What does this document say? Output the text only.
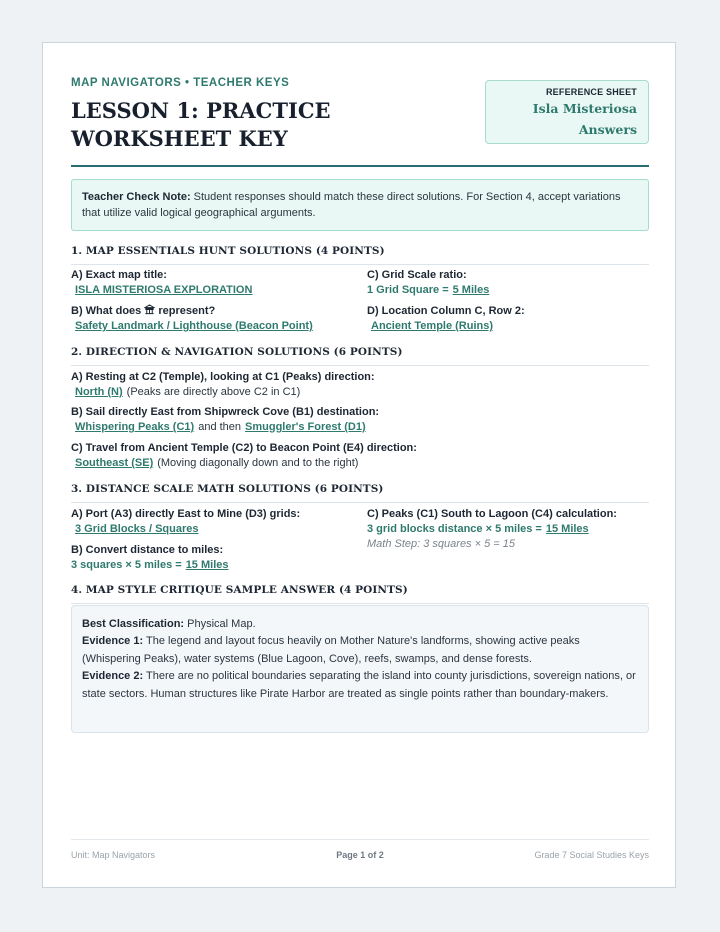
MAP NAVIGATORS • TEACHER KEYS
LESSON 1: PRACTICE WORKSHEET KEY
REFERENCE SHEET
Isla Misteriosa
Answers
Teacher Check Note: Student responses should match these direct solutions. For Section 4, accept variations that utilize valid logical geographical arguments.
1. MAP ESSENTIALS HUNT SOLUTIONS (4 POINTS)
A) Exact map title:
ISLA MISTERIOSA EXPLORATION
B) What does  represent?
Safety Landmark / Lighthouse (Beacon Point)
C) Grid Scale ratio:
1 Grid Square = 5 Miles
D) Location Column C, Row 2:
Ancient Temple (Ruins)
2. DIRECTION & NAVIGATION SOLUTIONS (6 POINTS)
A) Resting at C2 (Temple), looking at C1 (Peaks) direction:
North (N) (Peaks are directly above C2 in C1)
B) Sail directly East from Shipwreck Cove (B1) destination:
Whispering Peaks (C1) and then Smuggler's Forest (D1)
C) Travel from Ancient Temple (C2) to Beacon Point (E4) direction:
Southeast (SE) (Moving diagonally down and to the right)
3. DISTANCE SCALE MATH SOLUTIONS (6 POINTS)
A) Port (A3) directly East to Mine (D3) grids:
3 Grid Blocks / Squares
B) Convert distance to miles:
3 squares × 5 miles = 15 Miles
C) Peaks (C1) South to Lagoon (C4) calculation:
3 grid blocks distance × 5 miles = 15 Miles
Math Step: 3 squares × 5 = 15
4. MAP STYLE CRITIQUE SAMPLE ANSWER (4 POINTS)
Best Classification: Physical Map.
Evidence 1: The legend and layout focus heavily on Mother Nature's landforms, showing active peaks (Whispering Peaks), water systems (Blue Lagoon, Cove), reefs, swamps, and dense forests.
Evidence 2: There are no political boundaries separating the island into county jurisdictions, sovereign nations, or state sectors. Human structures like Pirate Harbor are treated as single points rather than boundary-makers.
Unit: Map Navigators	Page 1 of 2	Grade 7 Social Studies Keys
